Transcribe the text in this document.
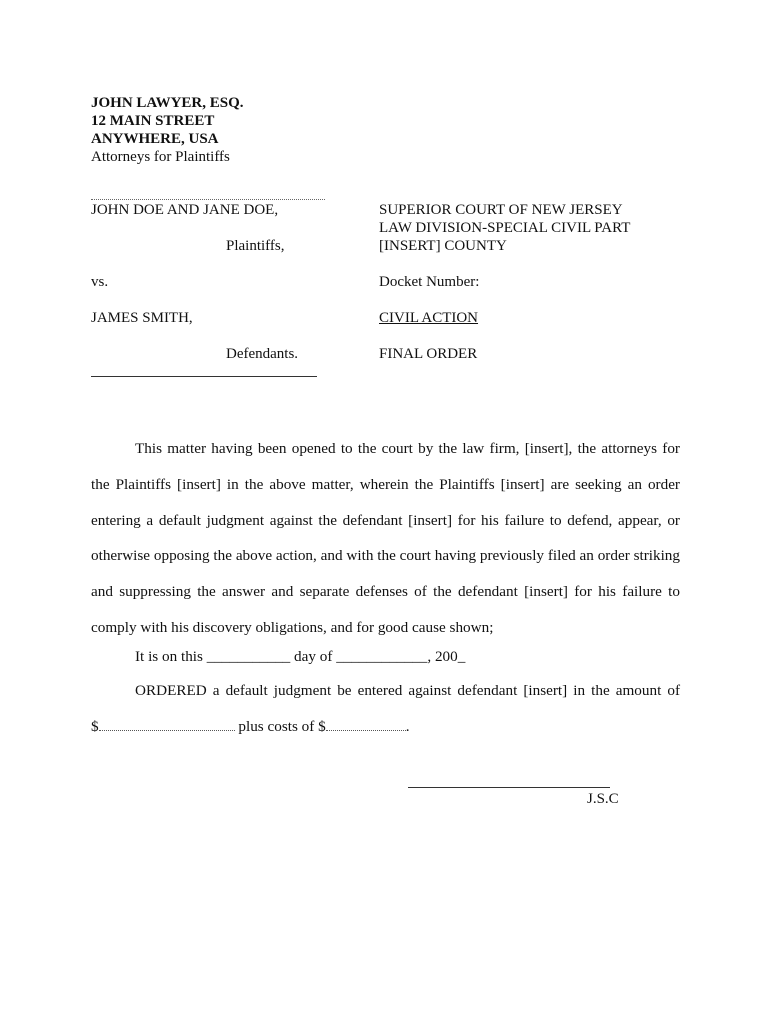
JOHN LAWYER, ESQ.
12 MAIN STREET
ANYWHERE, USA
Attorneys for Plaintiffs
JOHN DOE AND JANE DOE,
Plaintiffs,
vs.
JAMES SMITH,
Defendants.
SUPERIOR COURT OF NEW JERSEY
LAW DIVISION-SPECIAL CIVIL PART
[INSERT] COUNTY
Docket Number:
CIVIL ACTION
FINAL ORDER
This matter having been opened to the court by the law firm, [insert], the attorneys for the Plaintiffs [insert] in the above matter, wherein the Plaintiffs [insert] are seeking an order entering a default judgment against the defendant [insert] for his failure to defend, appear, or otherwise opposing the above action, and with the court having previously filed an order striking and suppressing the answer and separate defenses of the defendant [insert] for his failure to comply with his discovery obligations, and for good cause shown;
It is on this ___________ day of ____________, 200_
ORDERED a default judgment be entered against defendant [insert] in the amount of
$	plus costs of $	.
J.S.C
